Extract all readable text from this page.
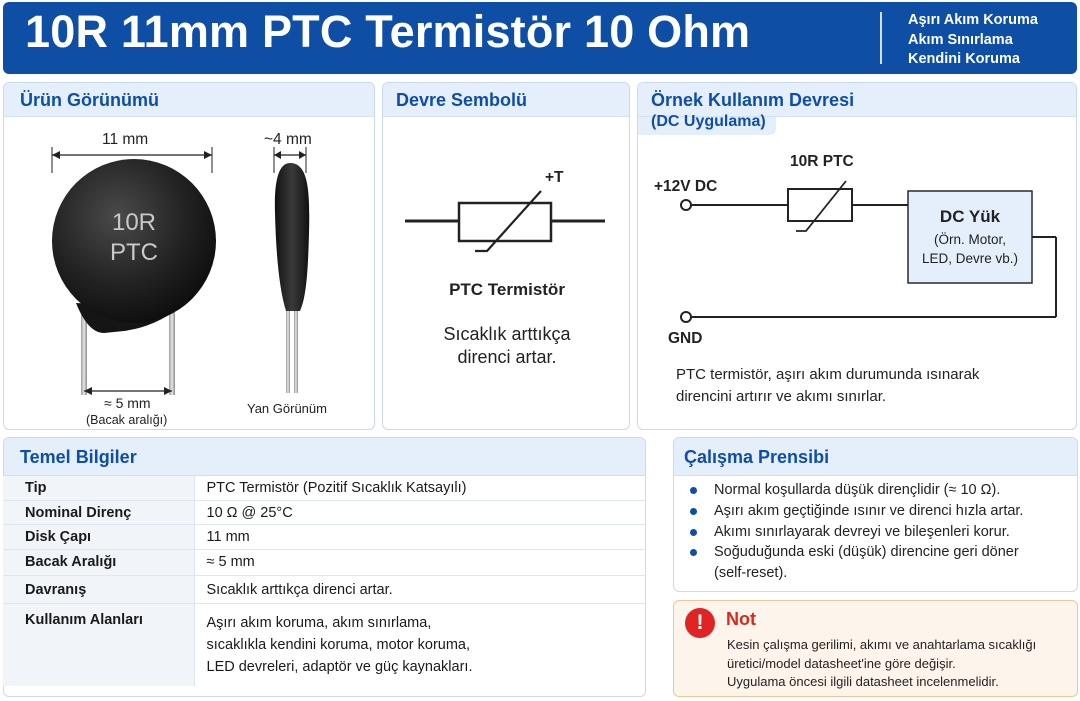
10R 11mm PTC Termistör 10 Ohm	Aşırı Akım Koruma
Akım Sınırlama
Kendini Koruma
Ürün Görünümü
11 mm	~4 mm
10R
PTC
≈ 5 mm
(Bacak aralığı)
Yan Görünüm
Devre Sembolü
+T
PTC Termistör
Sıcaklık arttıkça
direnci artar.
Örnek Kullanım Devresi
(DC Uygulama)
+12V DC
10R PTC
DC Yük
(Örn. Motor,
LED, Devre vb.)
GND
PTC termistör, aşırı akım durumunda ısınarak
direncini artırır ve akımı sınırlar.
Temel Bilgiler
Tip	PTC Termistör (Pozitif Sıcaklık Katsayılı)
Nominal Direnç	10 Ω @ 25°C
Disk Çapı	11 mm
Bacak Aralığı	≈ 5 mm
Davranış	Sıcaklık arttıkça direnci artar.
Kullanım Alanları	Aşırı akım koruma, akım sınırlama,
sıcaklıkla kendini koruma, motor koruma,
LED devreleri, adaptör ve güç kaynakları.
Çalışma Prensibi
Normal koşullarda düşük dirençlidir (≈ 10 Ω).
Aşırı akım geçtiğinde ısınır ve direnci hızla artar.
Akımı sınırlayarak devreyi ve bileşenleri korur.
Soğuduğunda eski (düşük) direncine geri döner (self-reset).
!	Not
Kesin çalışma gerilimi, akımı ve anahtarlama sıcaklığı
üretici/model datasheet'ine göre değişir.
Uygulama öncesi ilgili datasheet incelenmelidir.
